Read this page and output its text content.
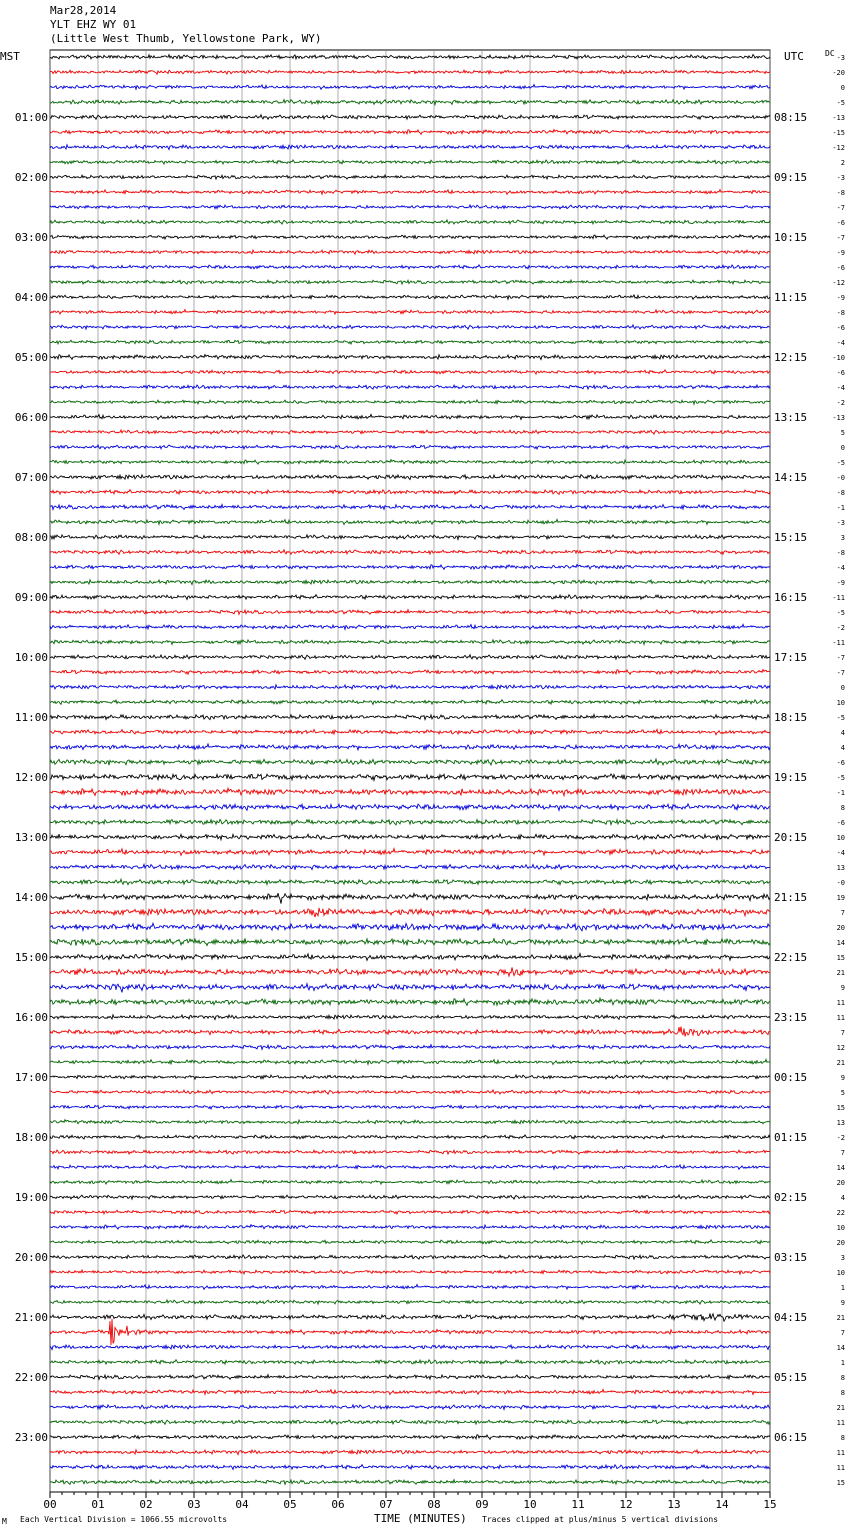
Mar28,2014
YLT EHZ WY 01
(Little West Thumb, Yellowstone Park, WY)
MST	UTC	DC
00	01	02	03	04	05	06	07	08	09	10	11	12	13	14	15
01:00
02:00
03:00
04:00
05:00
06:00
07:00
08:00
09:00
10:00
11:00
12:00
13:00
14:00
15:00
16:00
17:00
18:00
19:00
20:00
21:00
22:00
23:00
08:15
09:15
10:15
11:15
12:15
13:15
14:15
15:15
16:15
17:15
18:15
19:15
20:15
21:15
22:15
23:15
00:15
01:15
02:15
03:15
04:15
05:15
06:15
-3
-20
0
-5
-13
-15
-12
2
-3
-8
-7
-6
-7
-9
-6
-12
-9
-8
-6
-4
-10
-6
-4
-2
-13
5
0
-5
-0
-8
-1
-3
3
-8
-4
-9
-11
-5
-2
-11
-7
-7
0
10
-5
4
4
-6
-5
-1
8
-6
10
-4
13
-0
19
7
20
14
15
21
9
11
11
7
12
21
9
5
15
13
-2
7
14
20
4
22
10
20
3
10
1
9
21
7
14
1
8
8
21
11
8
11
11
15
M Each Vertical Division = 1066.55 microvolts	TIME (MINUTES) Traces clipped at plus/minus 5 vertical divisions
